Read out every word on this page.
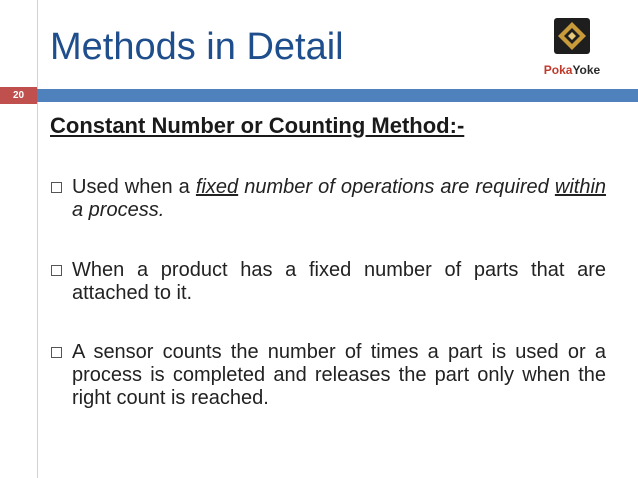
Methods in Detail
PokaYoke
20
Constant Number or Counting Method:-
Used when a fixed number of operations are required within a process.
When a product has a fixed number of parts that are attached to it.
A sensor counts the number of times a part is used or a process is completed and releases the part only when the right count is reached.
